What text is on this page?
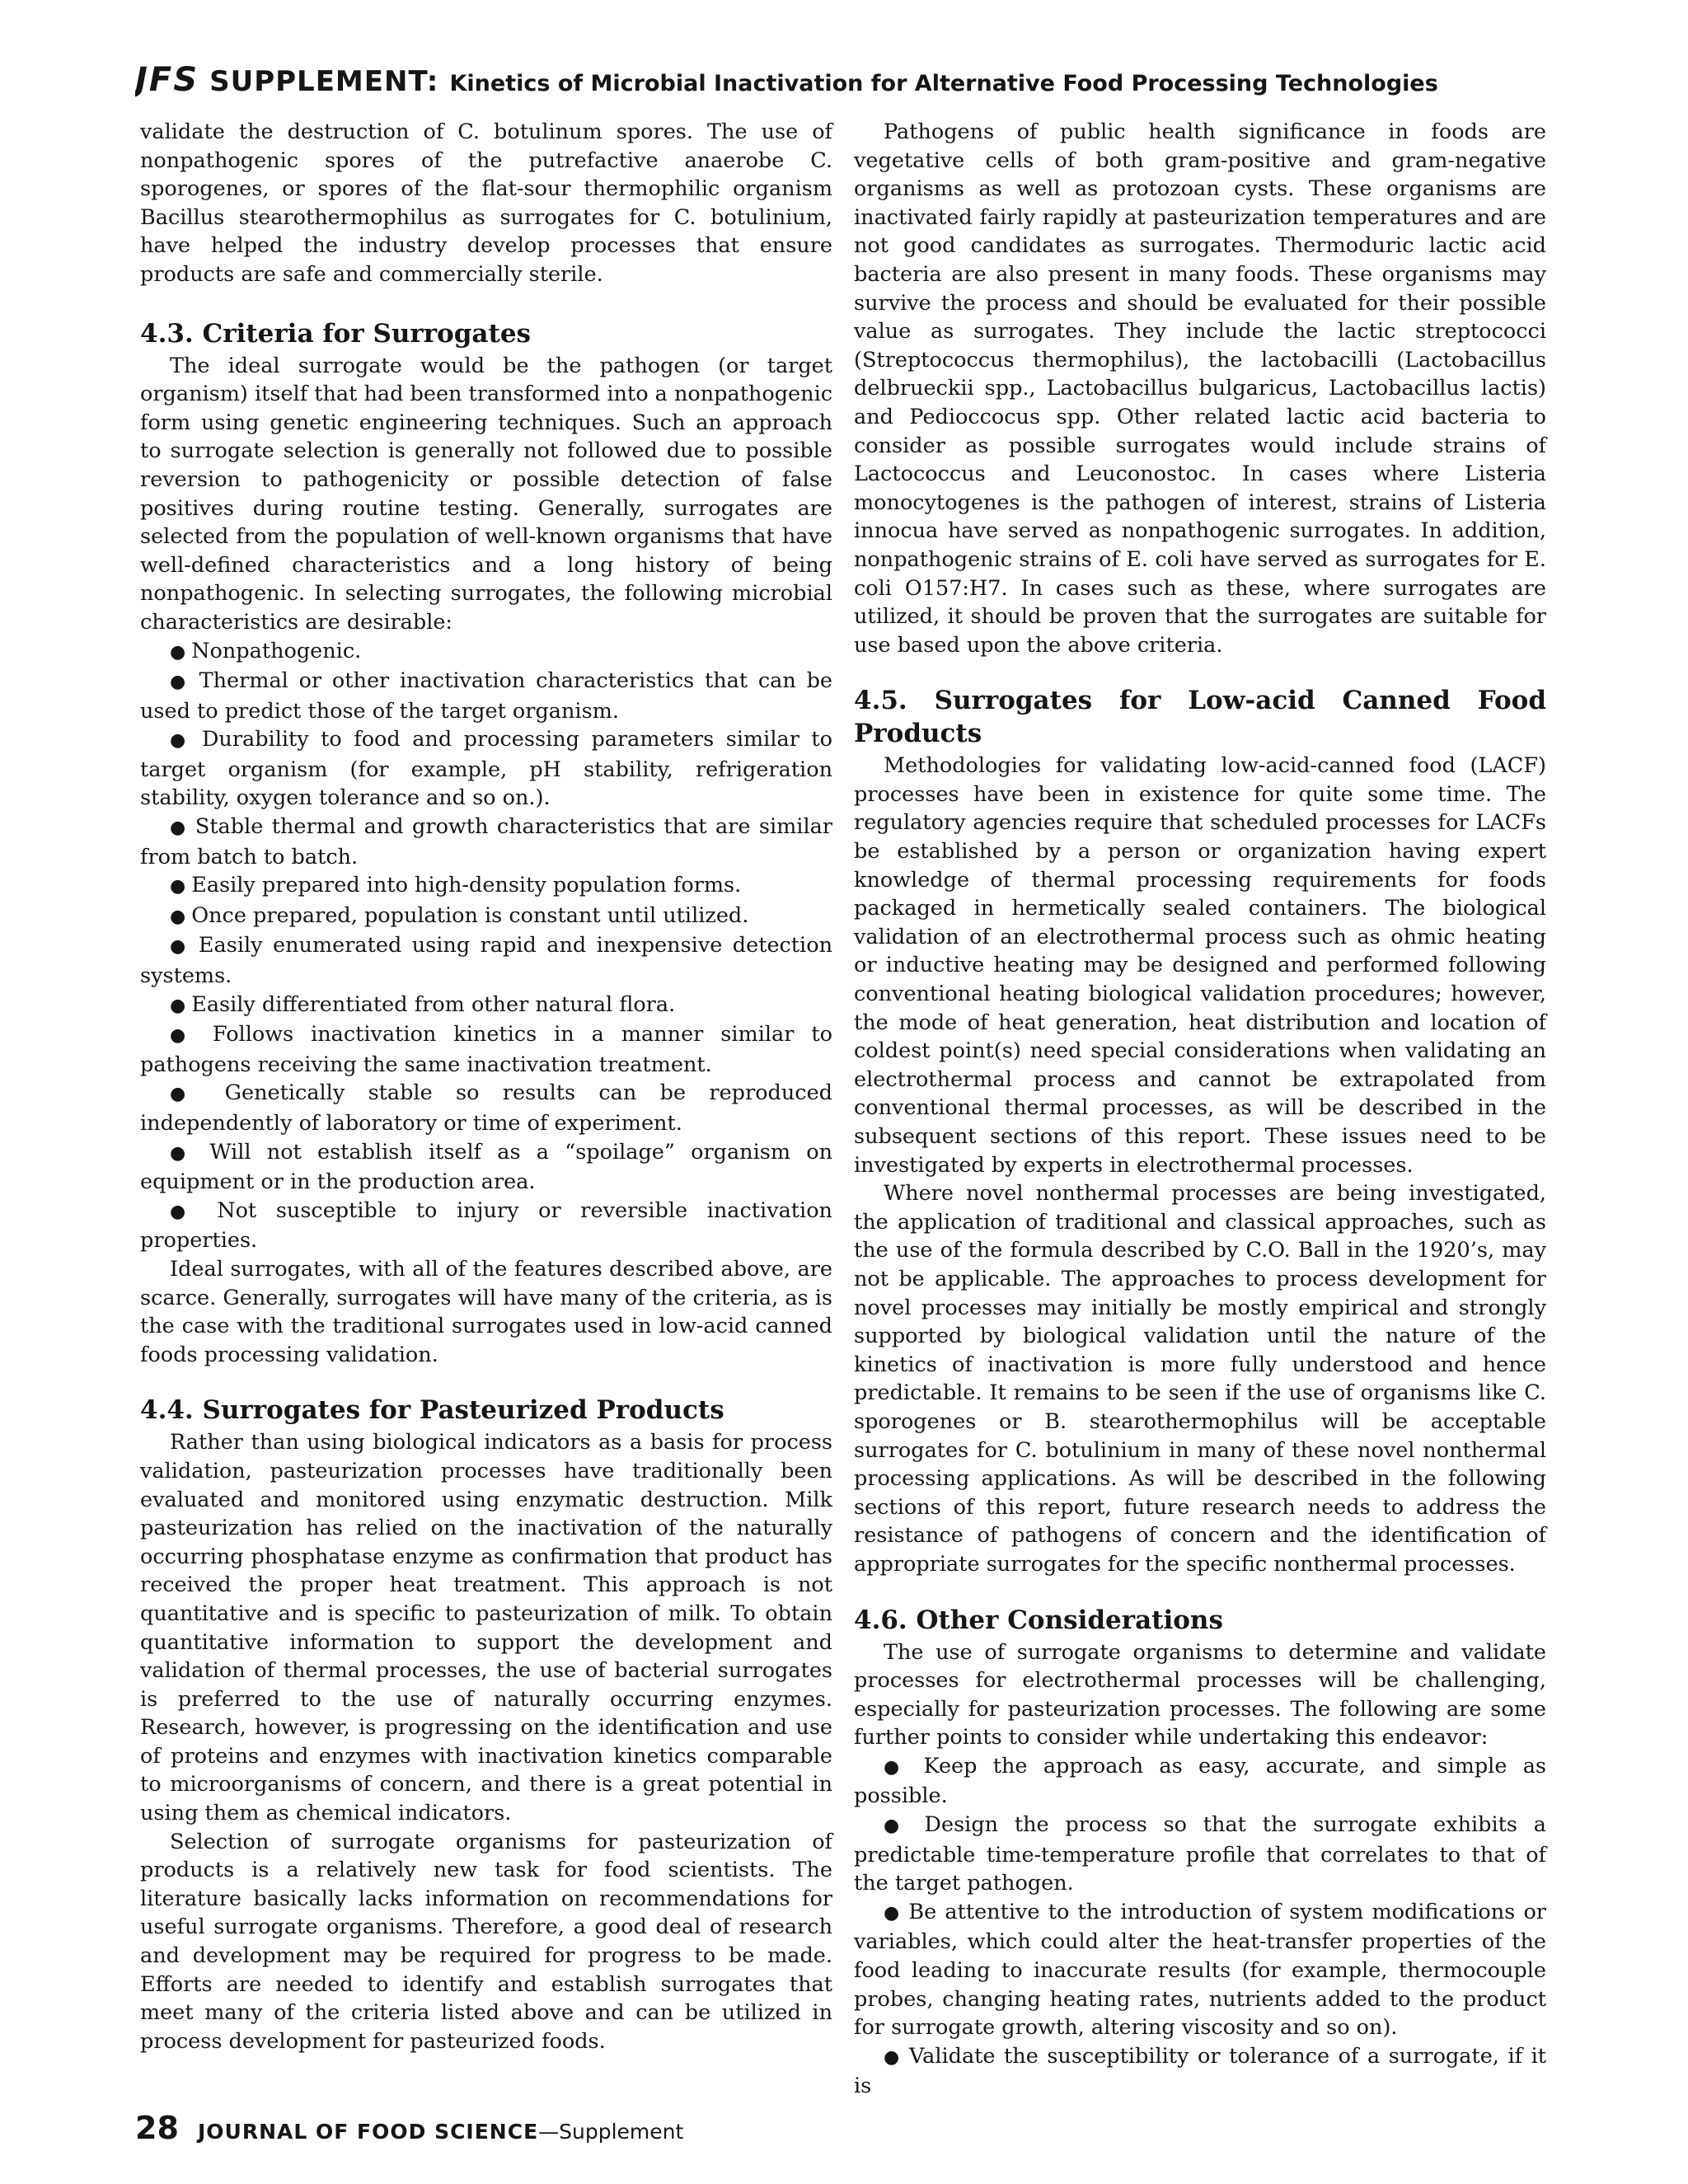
JFS SUPPLEMENT: Kinetics of Microbial Inactivation for Alternative Food Processing Technologies

validate the destruction of C. botulinum spores. The use of nonpathogenic spores of the putrefactive anaerobe C. sporogenes, or spores of the flat-sour thermophilic organism Bacillus stearothermophilus as surrogates for C. botulinium, have helped the industry develop processes that ensure products are safe and commercially sterile.

4.3. Criteria for Surrogates

The ideal surrogate would be the pathogen (or target organism) itself that had been transformed into a nonpathogenic form using genetic engineering techniques. Such an approach to surrogate selection is generally not followed due to possible reversion to pathogenicity or possible detection of false positives during routine testing. Generally, surrogates are selected from the population of well-known organisms that have well-defined characteristics and a long history of being nonpathogenic. In selecting surrogates, the following microbial characteristics are desirable:

● Nonpathogenic.

● Thermal or other inactivation characteristics that can be used to predict those of the target organism.

● Durability to food and processing parameters similar to target organism (for example, pH stability, refrigeration stability, oxygen tolerance and so on.).

● Stable thermal and growth characteristics that are similar from batch to batch.

● Easily prepared into high-density population forms.

● Once prepared, population is constant until utilized.

● Easily enumerated using rapid and inexpensive detection systems.

● Easily differentiated from other natural flora.

● Follows inactivation kinetics in a manner similar to pathogens receiving the same inactivation treatment.

● Genetically stable so results can be reproduced independently of laboratory or time of experiment.

● Will not establish itself as a “spoilage” organism on equipment or in the production area.

● Not susceptible to injury or reversible inactivation properties.

Ideal surrogates, with all of the features described above, are scarce. Generally, surrogates will have many of the criteria, as is the case with the traditional surrogates used in low-acid canned foods processing validation.

4.4. Surrogates for Pasteurized Products

Rather than using biological indicators as a basis for process validation, pasteurization processes have traditionally been evaluated and monitored using enzymatic destruction. Milk pasteurization has relied on the inactivation of the naturally occurring phosphatase enzyme as confirmation that product has received the proper heat treatment. This approach is not quantitative and is specific to pasteurization of milk. To obtain quantitative information to support the development and validation of thermal processes, the use of bacterial surrogates is preferred to the use of naturally occurring enzymes. Research, however, is progressing on the identification and use of proteins and enzymes with inactivation kinetics comparable to microorganisms of concern, and there is a great potential in using them as chemical indicators.

Selection of surrogate organisms for pasteurization of products is a relatively new task for food scientists. The literature basically lacks information on recommendations for useful surrogate organisms. Therefore, a good deal of research and development may be required for progress to be made. Efforts are needed to identify and establish surrogates that meet many of the criteria listed above and can be utilized in process development for pasteurized foods.

Pathogens of public health significance in foods are vegetative cells of both gram-positive and gram-negative organisms as well as protozoan cysts. These organisms are inactivated fairly rapidly at pasteurization temperatures and are not good candidates as surrogates. Thermoduric lactic acid bacteria are also present in many foods. These organisms may survive the process and should be evaluated for their possible value as surrogates. They include the lactic streptococci (Streptococcus thermophilus), the lactobacilli (Lactobacillus delbrueckii spp., Lactobacillus bulgaricus, Lactobacillus lactis) and Pedioccocus spp. Other related lactic acid bacteria to consider as possible surrogates would include strains of Lactococcus and Leuconostoc. In cases where Listeria monocytogenes is the pathogen of interest, strains of Listeria innocua have served as nonpathogenic surrogates. In addition, nonpathogenic strains of E. coli have served as surrogates for E. coli O157:H7. In cases such as these, where surrogates are utilized, it should be proven that the surrogates are suitable for use based upon the above criteria.

4.5. Surrogates for Low-acid Canned Food Products

Methodologies for validating low-acid-canned food (LACF) processes have been in existence for quite some time. The regulatory agencies require that scheduled processes for LACFs be established by a person or organization having expert knowledge of thermal processing requirements for foods packaged in hermetically sealed containers. The biological validation of an electrothermal process such as ohmic heating or inductive heating may be designed and performed following conventional heating biological validation procedures; however, the mode of heat generation, heat distribution and location of coldest point(s) need special considerations when validating an electrothermal process and cannot be extrapolated from conventional thermal processes, as will be described in the subsequent sections of this report. These issues need to be investigated by experts in electrothermal processes.

Where novel nonthermal processes are being investigated, the application of traditional and classical approaches, such as the use of the formula described by C.O. Ball in the 1920’s, may not be applicable. The approaches to process development for novel processes may initially be mostly empirical and strongly supported by biological validation until the nature of the kinetics of inactivation is more fully understood and hence predictable. It remains to be seen if the use of organisms like C. sporogenes or B. stearothermophilus will be acceptable surrogates for C. botulinium in many of these novel nonthermal processing applications. As will be described in the following sections of this report, future research needs to address the resistance of pathogens of concern and the identification of appropriate surrogates for the specific nonthermal processes.

4.6. Other Considerations

The use of surrogate organisms to determine and validate processes for electrothermal processes will be challenging, especially for pasteurization processes. The following are some further points to consider while undertaking this endeavor:

● Keep the approach as easy, accurate, and simple as possible.

● Design the process so that the surrogate exhibits a predictable time-temperature profile that correlates to that of the target pathogen.

● Be attentive to the introduction of system modifications or variables, which could alter the heat-transfer properties of the food leading to inaccurate results (for example, thermocouple probes, changing heating rates, nutrients added to the product for surrogate growth, altering viscosity and so on).

● Validate the susceptibility or tolerance of a surrogate, if it is

28 JOURNAL OF FOOD SCIENCE—Supplement
